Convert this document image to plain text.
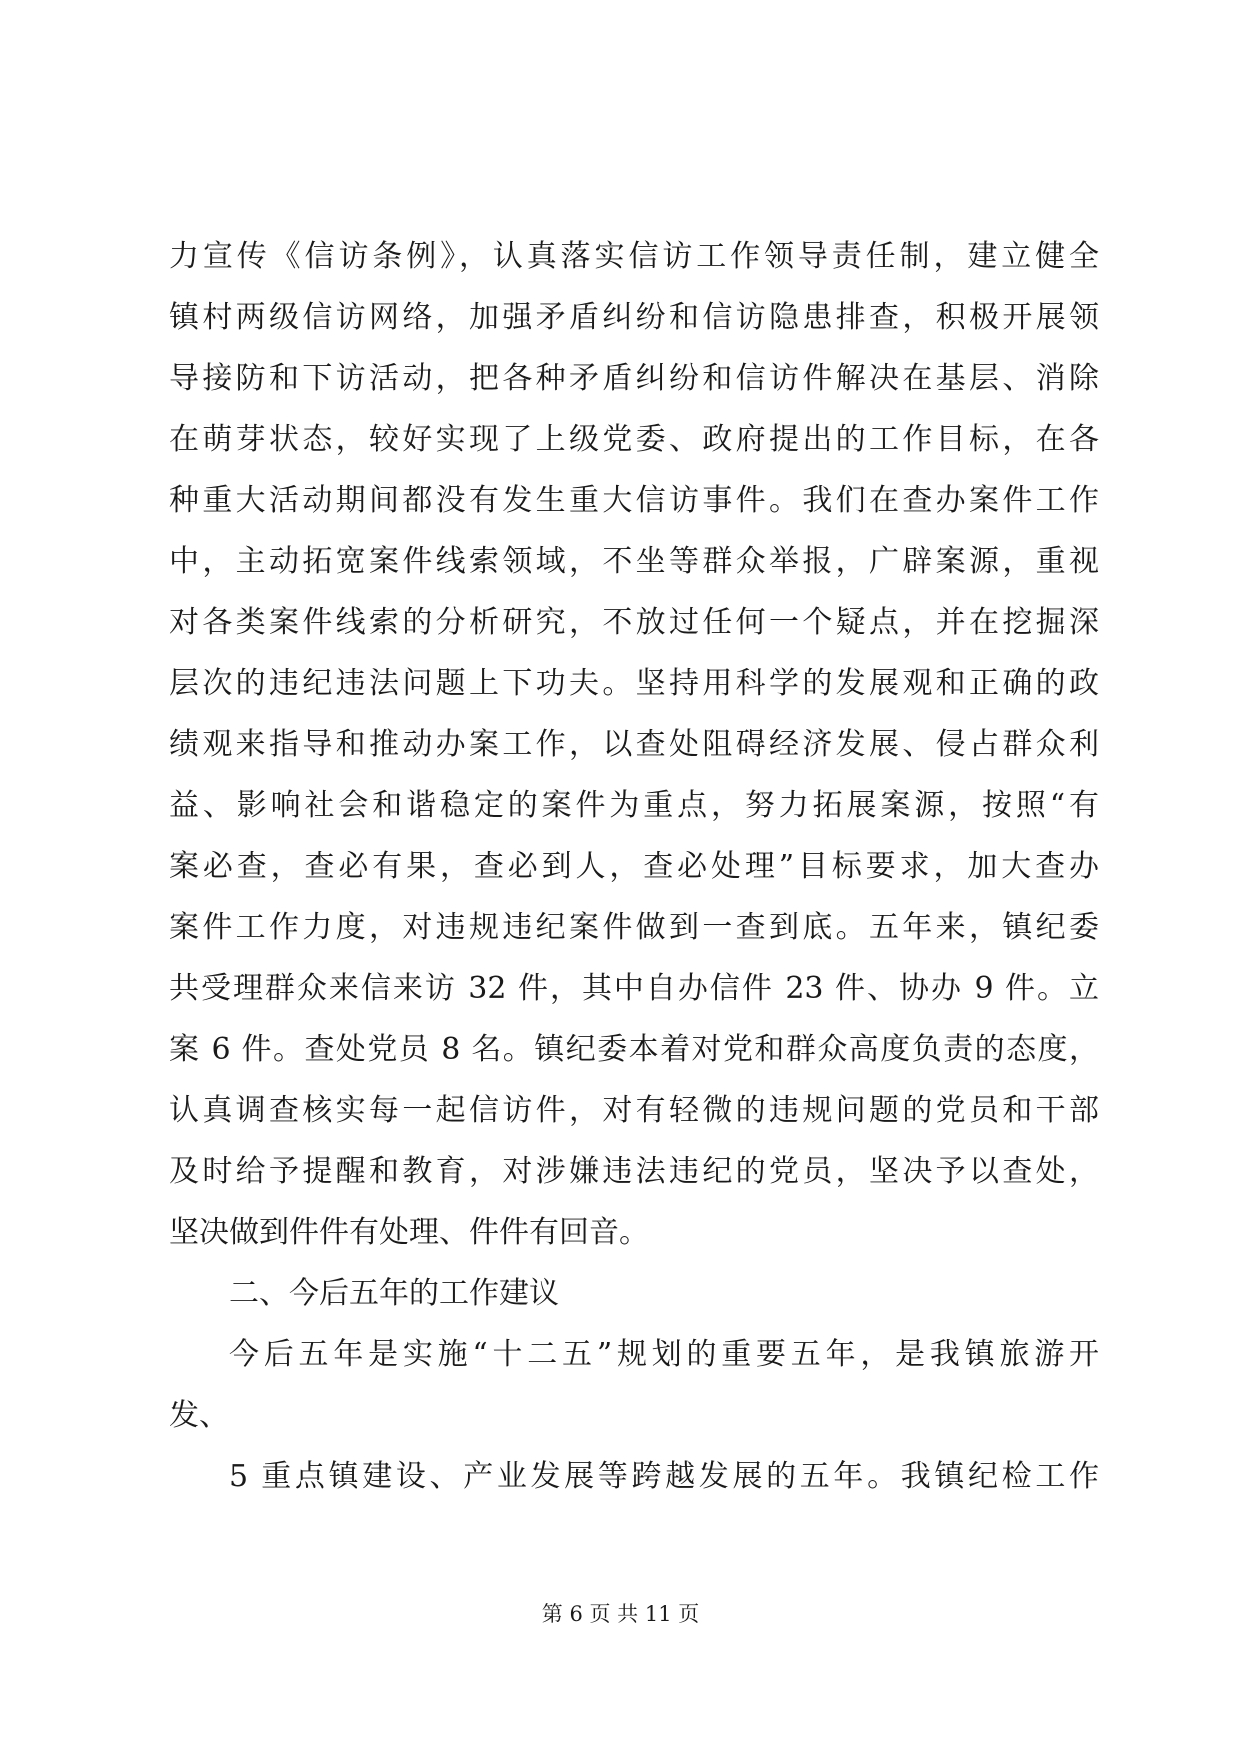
力宣传《信访条例》，认真落实信访工作领导责任制，建立健全
镇村两级信访网络，加强矛盾纠纷和信访隐患排查，积极开展领
导接防和下访活动，把各种矛盾纠纷和信访件解决在基层、消除
在萌芽状态，较好实现了上级党委、政府提出的工作目标，在各
种重大活动期间都没有发生重大信访事件。我们在查办案件工作
中，主动拓宽案件线索领域，不坐等群众举报，广辟案源，重视
对各类案件线索的分析研究，不放过任何一个疑点，并在挖掘深
层次的违纪违法问题上下功夫。坚持用科学的发展观和正确的政
绩观来指导和推动办案工作，以查处阻碍经济发展、侵占群众利
益、影响社会和谐稳定的案件为重点，努力拓展案源，按照“有
案必查，查必有果，查必到人，查必处理”目标要求，加大查办
案件工作力度，对违规违纪案件做到一查到底。五年来，镇纪委
共受理群众来信来访 32 件，其中自办信件 23 件、协办 9 件。立
案 6 件。查处党员 8 名。镇纪委本着对党和群众高度负责的态度，
认真调查核实每一起信访件，对有轻微的违规问题的党员和干部
及时给予提醒和教育，对涉嫌违法违纪的党员，坚决予以查处，
坚决做到件件有处理、件件有回音。
二、今后五年的工作建议
今后五年是实施“十二五”规划的重要五年，是我镇旅游开
发、
5 重点镇建设、产业发展等跨越发展的五年。我镇纪检工作
第 6 页 共 11 页
